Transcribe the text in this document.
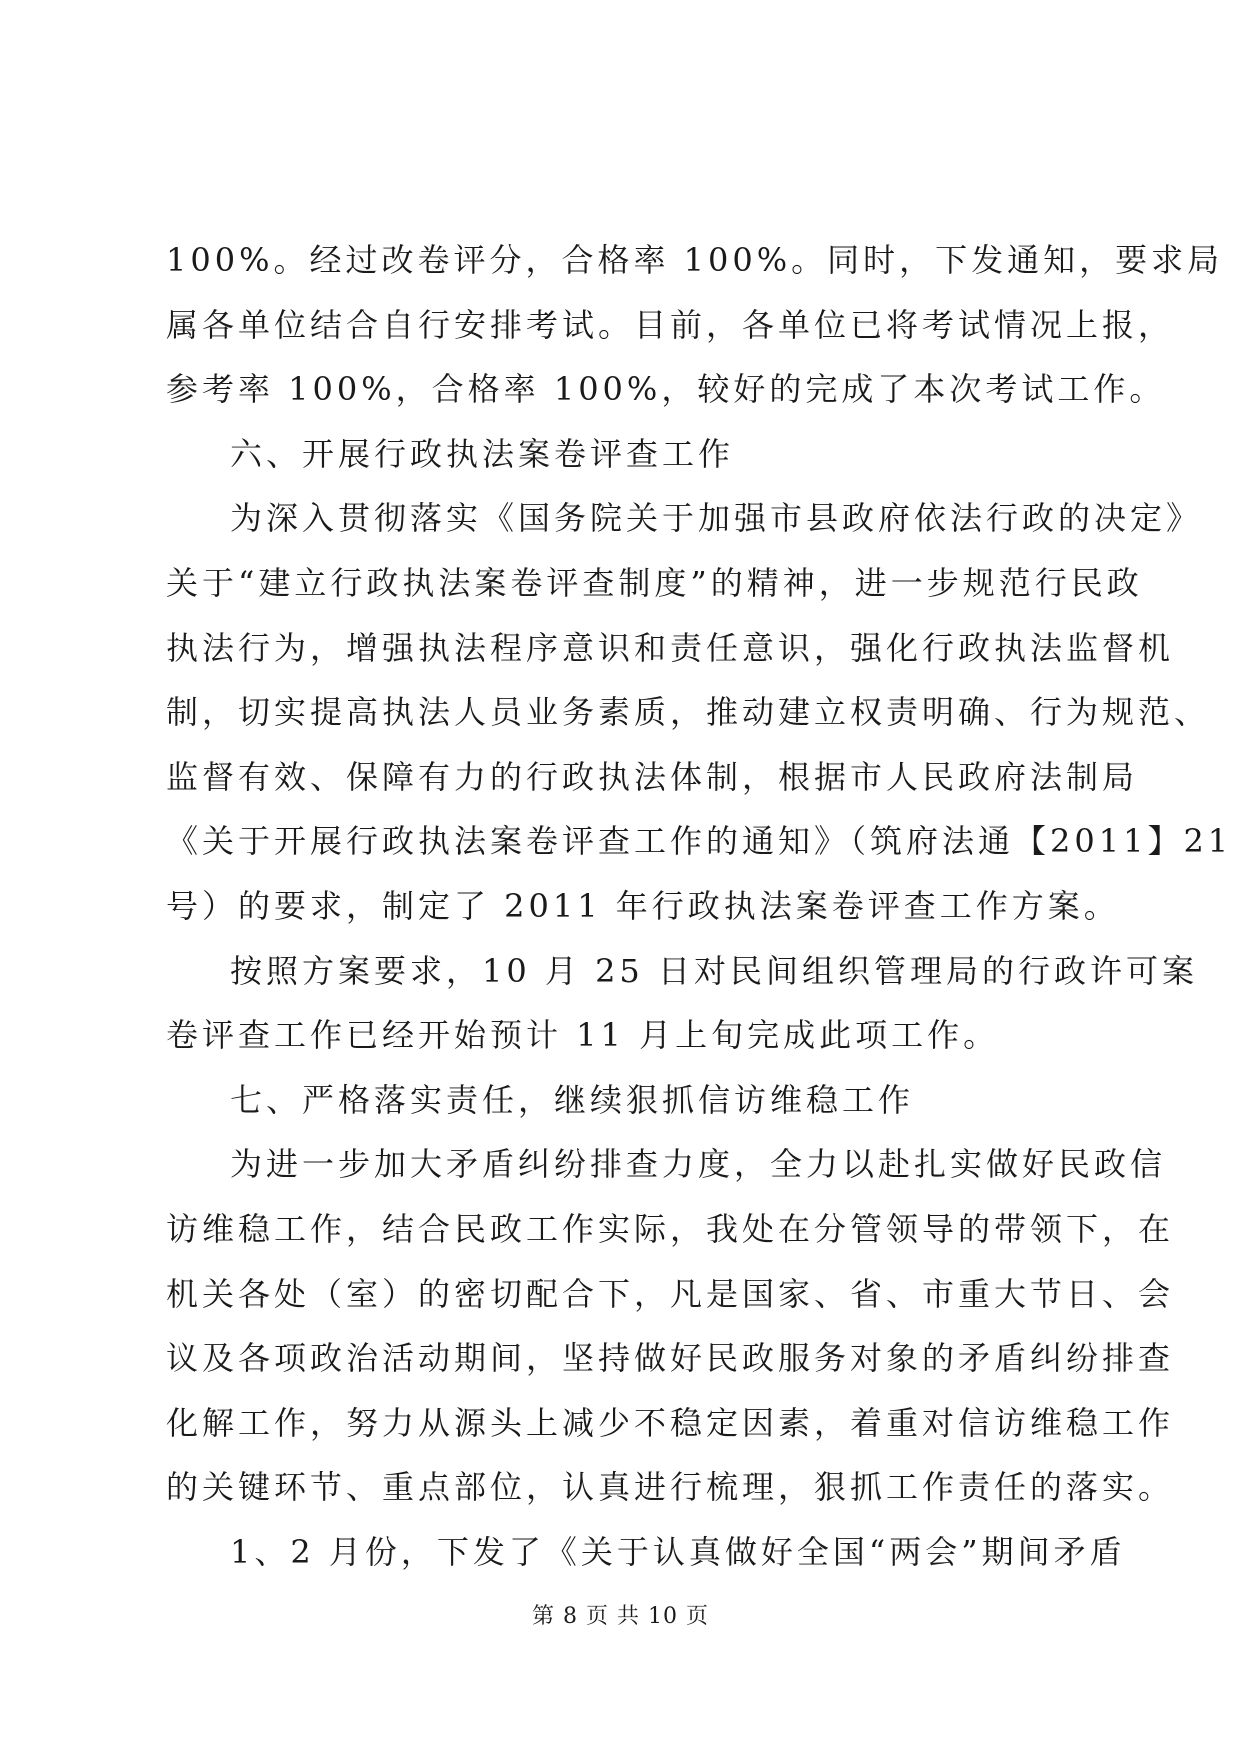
100%。经过改卷评分，合格率 100%。同时，下发通知，要求局
属各单位结合自行安排考试。目前，各单位已将考试情况上报，
参考率 100%，合格率 100%，较好的完成了本次考试工作。
六、开展行政执法案卷评查工作
为深入贯彻落实《国务院关于加强市县政府依法行政的决定》
关于“建立行政执法案卷评查制度”的精神，进一步规范行民政
执法行为，增强执法程序意识和责任意识，强化行政执法监督机
制，切实提高执法人员业务素质，推动建立权责明确、行为规范、
监督有效、保障有力的行政执法体制，根据市人民政府法制局
《关于开展行政执法案卷评查工作的通知》（筑府法通【2011】21
号）的要求，制定了 2011 年行政执法案卷评查工作方案。
按照方案要求，10 月 25 日对民间组织管理局的行政许可案
卷评查工作已经开始预计 11 月上旬完成此项工作。
七、严格落实责任，继续狠抓信访维稳工作
为进一步加大矛盾纠纷排查力度，全力以赴扎实做好民政信
访维稳工作，结合民政工作实际，我处在分管领导的带领下，在
机关各处（室）的密切配合下，凡是国家、省、市重大节日、会
议及各项政治活动期间，坚持做好民政服务对象的矛盾纠纷排查
化解工作，努力从源头上减少不稳定因素，着重对信访维稳工作
的关键环节、重点部位，认真进行梳理，狠抓工作责任的落实。
1、2 月份，下发了《关于认真做好全国“两会”期间矛盾
第 8 页 共 10 页
